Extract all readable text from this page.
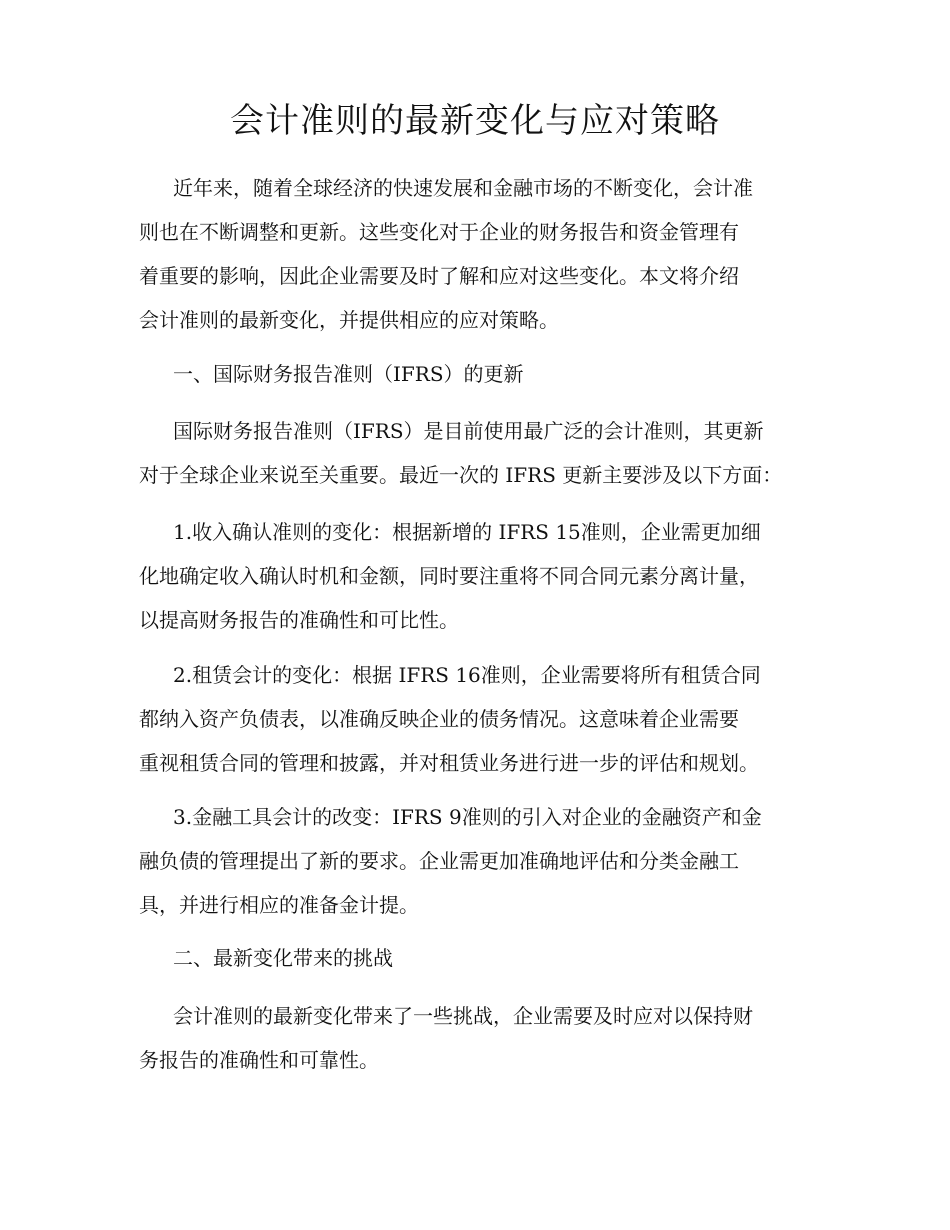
会计准则的最新变化与应对策略
近年来，随着全球经济的快速发展和金融市场的不断变化，会计准
则也在不断调整和更新。这些变化对于企业的财务报告和资金管理有
着重要的影响，因此企业需要及时了解和应对这些变化。本文将介绍
会计准则的最新变化，并提供相应的应对策略。
一、国际财务报告准则（IFRS）的更新
国际财务报告准则（IFRS）是目前使用最广泛的会计准则，其更新
对于全球企业来说至关重要。最近一次的 IFRS 更新主要涉及以下方面：
1.收入确认准则的变化：根据新增的 IFRS 15准则，企业需更加细
化地确定收入确认时机和金额，同时要注重将不同合同元素分离计量，
以提高财务报告的准确性和可比性。
2.租赁会计的变化：根据 IFRS 16准则，企业需要将所有租赁合同
都纳入资产负债表，以准确反映企业的债务情况。这意味着企业需要
重视租赁合同的管理和披露，并对租赁业务进行进一步的评估和规划。
3.金融工具会计的改变：IFRS 9准则的引入对企业的金融资产和金
融负债的管理提出了新的要求。企业需更加准确地评估和分类金融工
具，并进行相应的准备金计提。
二、最新变化带来的挑战
会计准则的最新变化带来了一些挑战，企业需要及时应对以保持财
务报告的准确性和可靠性。
